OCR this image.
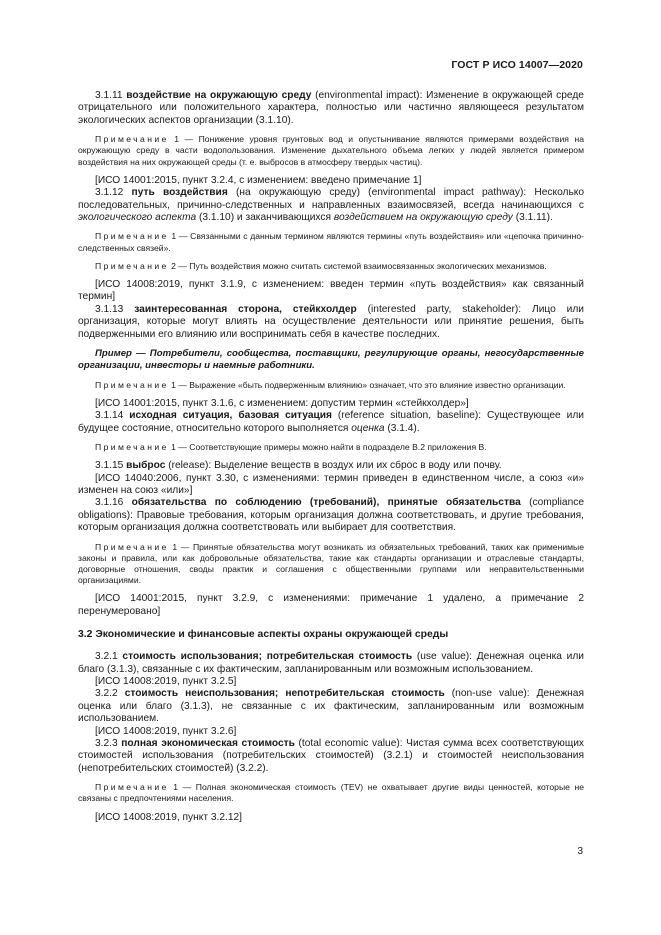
ГОСТ Р ИСО 14007—2020

3.1.11 воздействие на окружающую среду (environmental impact): Изменение в окружающей среде отрицательного или положительного характера, полностью или частично являющееся результатом экологических аспектов организации (3.1.10).

Примечание 1 — Понижение уровня грунтовых вод и опустынивание являются примерами воздействия на окружающую среду в части водопользования. Изменение дыхательного объема легких у людей является примером воздействия на них окружающей среды (т. е. выбросов в атмосферу твердых частиц).

[ИСО 14001:2015, пункт 3.2.4, с изменением: введено примечание 1]

3.1.12 путь воздействия (на окружающую среду) (environmental impact pathway): Несколько последовательных, причинно-следственных и направленных взаимосвязей, всегда начинающихся с экологического аспекта (3.1.10) и заканчивающихся воздействием на окружающую среду (3.1.11).

Примечание 1 — Связанными с данным термином являются термины «путь воздействия» или «цепочка причинно-следственных связей».

Примечание 2 — Путь воздействия можно считать системой взаимосвязанных экологических механизмов.

[ИСО 14008:2019, пункт 3.1.9, с изменением: введен термин «путь воздействия» как связанный термин]

3.1.13 заинтересованная сторона, стейкхолдер (interested party, stakeholder): Лицо или организация, которые могут влиять на осуществление деятельности или принятие решения, быть подверженными его влиянию или воспринимать себя в качестве последних.

Пример — Потребители, сообщества, поставщики, регулирующие органы, негосударственные организации, инвесторы и наемные работники.

Примечание 1 — Выражение «быть подверженным влиянию» означает, что это влияние известно организации.

[ИСО 14001:2015, пункт 3.1.6, с изменением: допустим термин «стейкхолдер»]

3.1.14 исходная ситуация, базовая ситуация (reference situation, baseline): Существующее или будущее состояние, относительно которого выполняется оценка (3.1.4).

Примечание 1 — Соответствующие примеры можно найти в подразделе В.2 приложения В.

3.1.15 выброс (release): Выделение веществ в воздух или их сброс в воду или почву.

[ИСО 14040:2006, пункт 3.30, с изменениями: термин приведен в единственном числе, а союз «и» изменен на союз «или»]

3.1.16 обязательства по соблюдению (требований), принятые обязательства (compliance obligations): Правовые требования, которым организация должна соответствовать, и другие требования, которым организация должна соответствовать или выбирает для соответствия.

Примечание 1 — Принятые обязательства могут возникать из обязательных требований, таких как применимые законы и правила, или как добровольные обязательства, такие как стандарты организации и отраслевые стандарты, договорные отношения, своды практик и соглашения с общественными группами или неправительственными организациями.

[ИСО 14001:2015, пункт 3.2.9, с изменениями: примечание 1 удалено, а примечание 2 перенумеровано]

3.2 Экономические и финансовые аспекты охраны окружающей среды

3.2.1 стоимость использования; потребительская стоимость (use value): Денежная оценка или благо (3.1.3), связанные с их фактическим, запланированным или возможным использованием.

[ИСО 14008:2019, пункт 3.2.5]

3.2.2 стоимость неиспользования; непотребительская стоимость (non-use value): Денежная оценка или благо (3.1.3), не связанные с их фактическим, запланированным или возможным использованием.

[ИСО 14008:2019, пункт 3.2.6]

3.2.3 полная экономическая стоимость (total economic value): Чистая сумма всех соответствующих стоимостей использования (потребительских стоимостей) (3.2.1) и стоимостей неиспользования (непотребительских стоимостей) (3.2.2).

Примечание 1 — Полная экономическая стоимость (TEV) не охватывает другие виды ценностей, которые не связаны с предпочтениями населения.

[ИСО 14008:2019, пункт 3.2.12]

3
